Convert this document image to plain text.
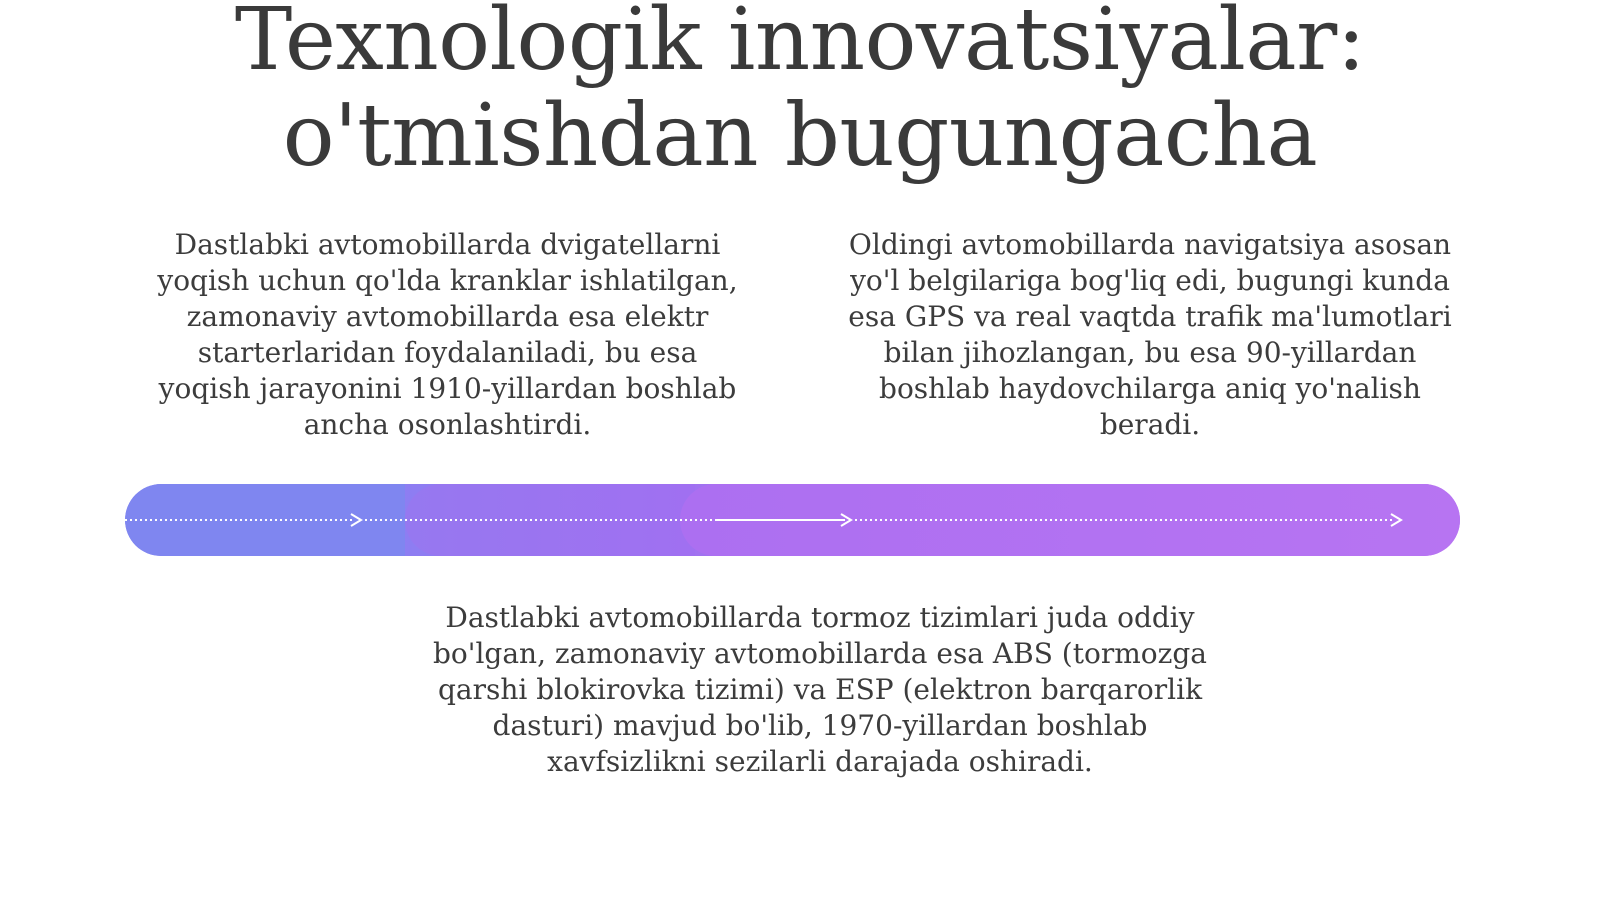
Texnologik innovatsiyalar:
o'tmishdan bugungacha

Dastlabki avtomobillarda dvigatellarni yoqish uchun qo'lda kranklar ishlatilgan, zamonaviy avtomobillarda esa elektr starterlaridan foydalaniladi, bu esa yoqish jarayonini 1910-yillardan boshlab ancha osonlashtirdi.

Oldingi avtomobillarda navigatsiya asosan yo'l belgilariga bog'liq edi, bugungi kunda esa GPS va real vaqtda trafik ma'lumotlari bilan jihozlangan, bu esa 90-yillardan boshlab haydovchilarga aniq yo'nalish beradi.

Dastlabki avtomobillarda tormoz tizimlari juda oddiy bo'lgan, zamonaviy avtomobillarda esa ABS (tormozga qarshi blokirovka tizimi) va ESP (elektron barqarorlik dasturi) mavjud bo'lib, 1970-yillardan boshlab xavfsizlikni sezilarli darajada oshiradi.
